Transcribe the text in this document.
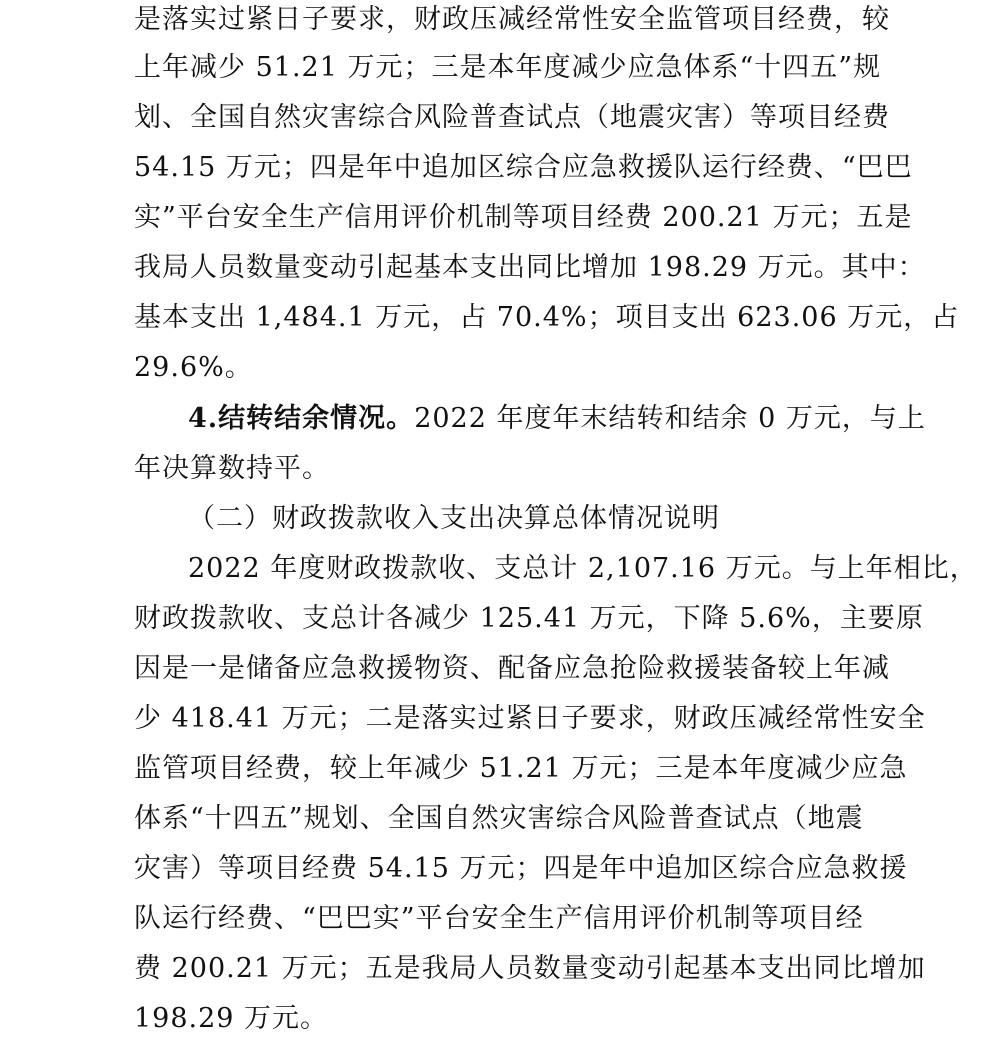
是落实过紧日子要求，财政压减经常性安全监管项目经费，较
上年减少 51.21 万元；三是本年度减少应急体系“十四五”规
划、全国自然灾害综合风险普查试点（地震灾害）等项目经费
54.15 万元；四是年中追加区综合应急救援队运行经费、“巴巴
实”平台安全生产信用评价机制等项目经费 200.21 万元；五是
我局人员数量变动引起基本支出同比增加 198.29 万元。其中：
基本支出 1,484.1 万元，占 70.4%；项目支出 623.06 万元，占
29.6%。
4.结转结余情况。2022 年度年末结转和结余 0 万元，与上
年决算数持平。
（二）财政拨款收入支出决算总体情况说明
2022 年度财政拨款收、支总计 2,107.16 万元。与上年相比，
财政拨款收、支总计各减少 125.41 万元，下降 5.6%，主要原
因是一是储备应急救援物资、配备应急抢险救援装备较上年减
少 418.41 万元；二是落实过紧日子要求，财政压减经常性安全
监管项目经费，较上年减少 51.21 万元；三是本年度减少应急
体系“十四五”规划、全国自然灾害综合风险普查试点（地震
灾害）等项目经费 54.15 万元；四是年中追加区综合应急救援
队运行经费、“巴巴实”平台安全生产信用评价机制等项目经
费 200.21 万元；五是我局人员数量变动引起基本支出同比增加
198.29 万元。
